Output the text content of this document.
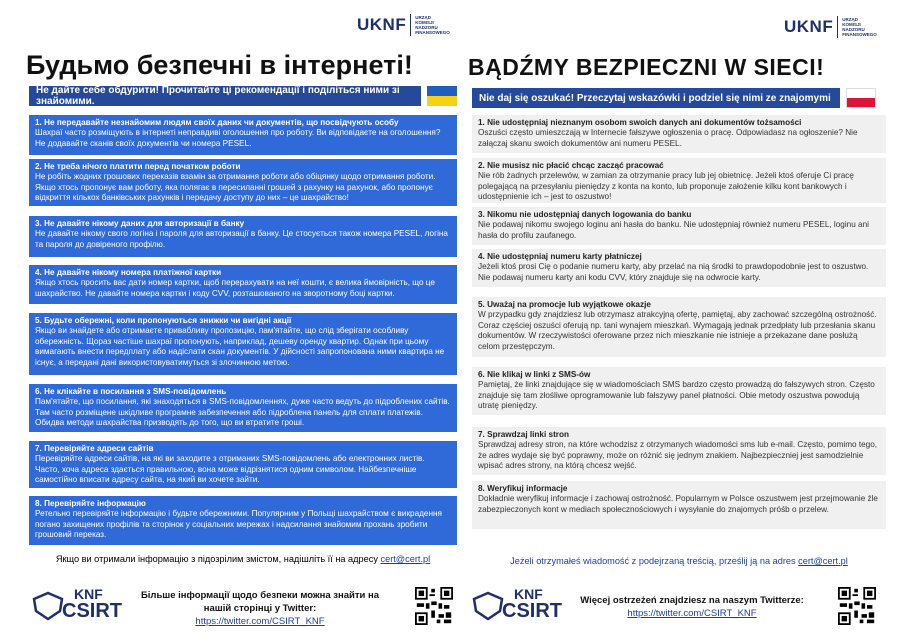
UKNF URZĄD
KOMISJI
NADZORU
FINANSOWEGO
Будьмо безпечні в інтернеті!
Не дайте себе обдурити! Прочитайте ці рекомендації і поділіться ними зі знайомими.
1. Не передавайте незнайомим людям своїх даних чи документів, що посвідчують особу
Шахраї часто розміщують в інтернеті неправдиві оголошення про роботу. Ви відповідаєте на оголошення? Не додавайте сканів своїх документів чи номера PESEL.
2. Не треба нічого платити перед початком роботи
Не робіть жодних грошових переказів взамін за отримання роботи або обіцянку щодо отримання роботи. Якщо хтось пропонує вам роботу, яка полягає в пересиланні грошей з рахунку на рахунок, або пропонує відкриття кількох банківських рахунків і передачу доступу до них – це шахрайство!
3. Не давайте нікому даних для авторизації в банку
Не давайте нікому свого логіна і пароля для авторизації в банку. Це стосується також номера PESEL, логіна та пароля до довіреного профілю.
4. Не давайте нікому номера платіжної картки
Якщо хтось просить вас дати номер картки, щоб перерахувати на неї кошти, є велика ймовірність, що це шахрайство. Не давайте номера картки і коду CVV, розташованого на зворотному боці картки.
5. Будьте обережні, коли пропонуються знижки чи вигідні акції
Якщо ви знайдете або отримаєте привабливу пропозицію, пам'ятайте, що слід зберігати особливу обережність. Щораз частіше шахраї пропонують, наприклад, дешеву оренду квартир. Однак при цьому вимагають внести передплату або надіслати скан документів. У дійсності запропонована ними квартира не існує, а передані дані використовуватимуться зі злочинною метою.
6. Не клікайте в посилання з SMS-повідомлень
Пам'ятайте, що посилання, які знаходяться в SMS-повідомленнях, дуже часто ведуть до підроблених сайтів. Там часто розміщене шкідливе програмне забезпечення або підроблена панель для сплати платежів. Обидва методи шахрайства призводять до того, що ви втратите гроші.
7. Перевіряйте адреси сайтів
Перевіряйте адреси сайтів, на які ви заходите з отриманих SMS-повідомлень або електронних листів. Часто, хоча адреса здається правильною, вона може відрізнятися одним символом. Найбезпечніше самостійно вписати адресу сайта, на який ви хочете зайти.
8. Перевіряйте інформацію
Ретельно перевіряйте інформацію і будьте обережними. Популярним у Польщі шахрайством є викрадення погано захищених профілів та сторінок у соціальних мережах і надсилання знайомим прохань зробити грошовий переказ.
Якщо ви отримали інформацію з підозрілим змістом, надішліть її на адресу cert@cert.pl
KNF
CSIRT
Більше інформації щодо безпеки можна знайти на нашій сторінці у Twitter:
https://twitter.com/CSIRT_KNF
UKNF URZĄD
KOMISJI
NADZORU
FINANSOWEGO
BĄDŹMY BEZPIECZNI W SIECI!
Nie daj się oszukać! Przeczytaj wskazówki i podziel się nimi ze znajomymi
1. Nie udostępniaj nieznanym osobom swoich danych ani dokumentów tożsamości
Oszuści często umieszczają w Internecie fałszywe ogłoszenia o pracę. Odpowiadasz na ogłoszenie? Nie załączaj skanu swoich dokumentów ani numeru PESEL.
2. Nie musisz nic płacić chcąc zacząć pracować
Nie rób żadnych przelewów, w zamian za otrzymanie pracy lub jej obietnicę. Jeżeli ktoś oferuje Ci pracę polegającą na przesyłaniu pieniędzy z konta na konto, lub proponuje założenie kilku kont bankowych i udostępnienie ich – jest to oszustwo!
3. Nikomu nie udostępniaj danych logowania do banku
Nie podawaj nikomu swojego loginu ani hasła do banku. Nie udostępniaj również numeru PESEL, loginu ani hasła do profilu zaufanego.
4. Nie udostępniaj numeru karty płatniczej
Jeżeli ktoś prosi Cię o podanie numeru karty, aby przelać na nią środki to prawdopodobnie jest to oszustwo. Nie podawaj numeru karty ani kodu CVV, który znajduje się na odwrocie karty.
5. Uważaj na promocje lub wyjątkowe okazje
W przypadku gdy znajdziesz lub otrzymasz atrakcyjną ofertę, pamiętaj, aby zachować szczególną ostrożność. Coraz częściej oszuści oferują np. tani wynajem mieszkań. Wymagają jednak przedpłaty lub przesłania skanu dokumentów. W rzeczywistości oferowane przez nich mieszkanie nie istnieje a przekazane dane posłużą celom przestępczym.
6. Nie klikaj w linki z SMS-ów
Pamiętaj, że linki znajdujące się w wiadomościach SMS bardzo często prowadzą do fałszywych stron. Często znajduje się tam złośliwe oprogramowanie lub fałszywy panel płatności. Obie metody oszustwa powodują utratę pieniędzy.
7. Sprawdzaj linki stron
Sprawdzaj adresy stron, na które wchodzisz z otrzymanych wiadomości sms lub e-mail. Często, pomimo tego, że adres wydaje się być poprawny, może on różnić się jednym znakiem. Najbezpieczniej jest samodzielnie wpisać adres strony, na którą chcesz wejść.
8. Weryfikuj informacje
Dokładnie weryfikuj informacje i zachowaj ostrożność. Popularnym w Polsce oszustwem jest przejmowanie źle zabezpieczonych kont w mediach społecznościowych i wysyłanie do znajomych próśb o przelew.
Jeżeli otrzymałeś wiadomość z podejrzaną treścią, prześlij ją na adres cert@cert.pl
KNF
CSIRT	Więcej ostrzeżeń znajdziesz na naszym Twitterze:
https://twitter.com/CSIRT_KNF
